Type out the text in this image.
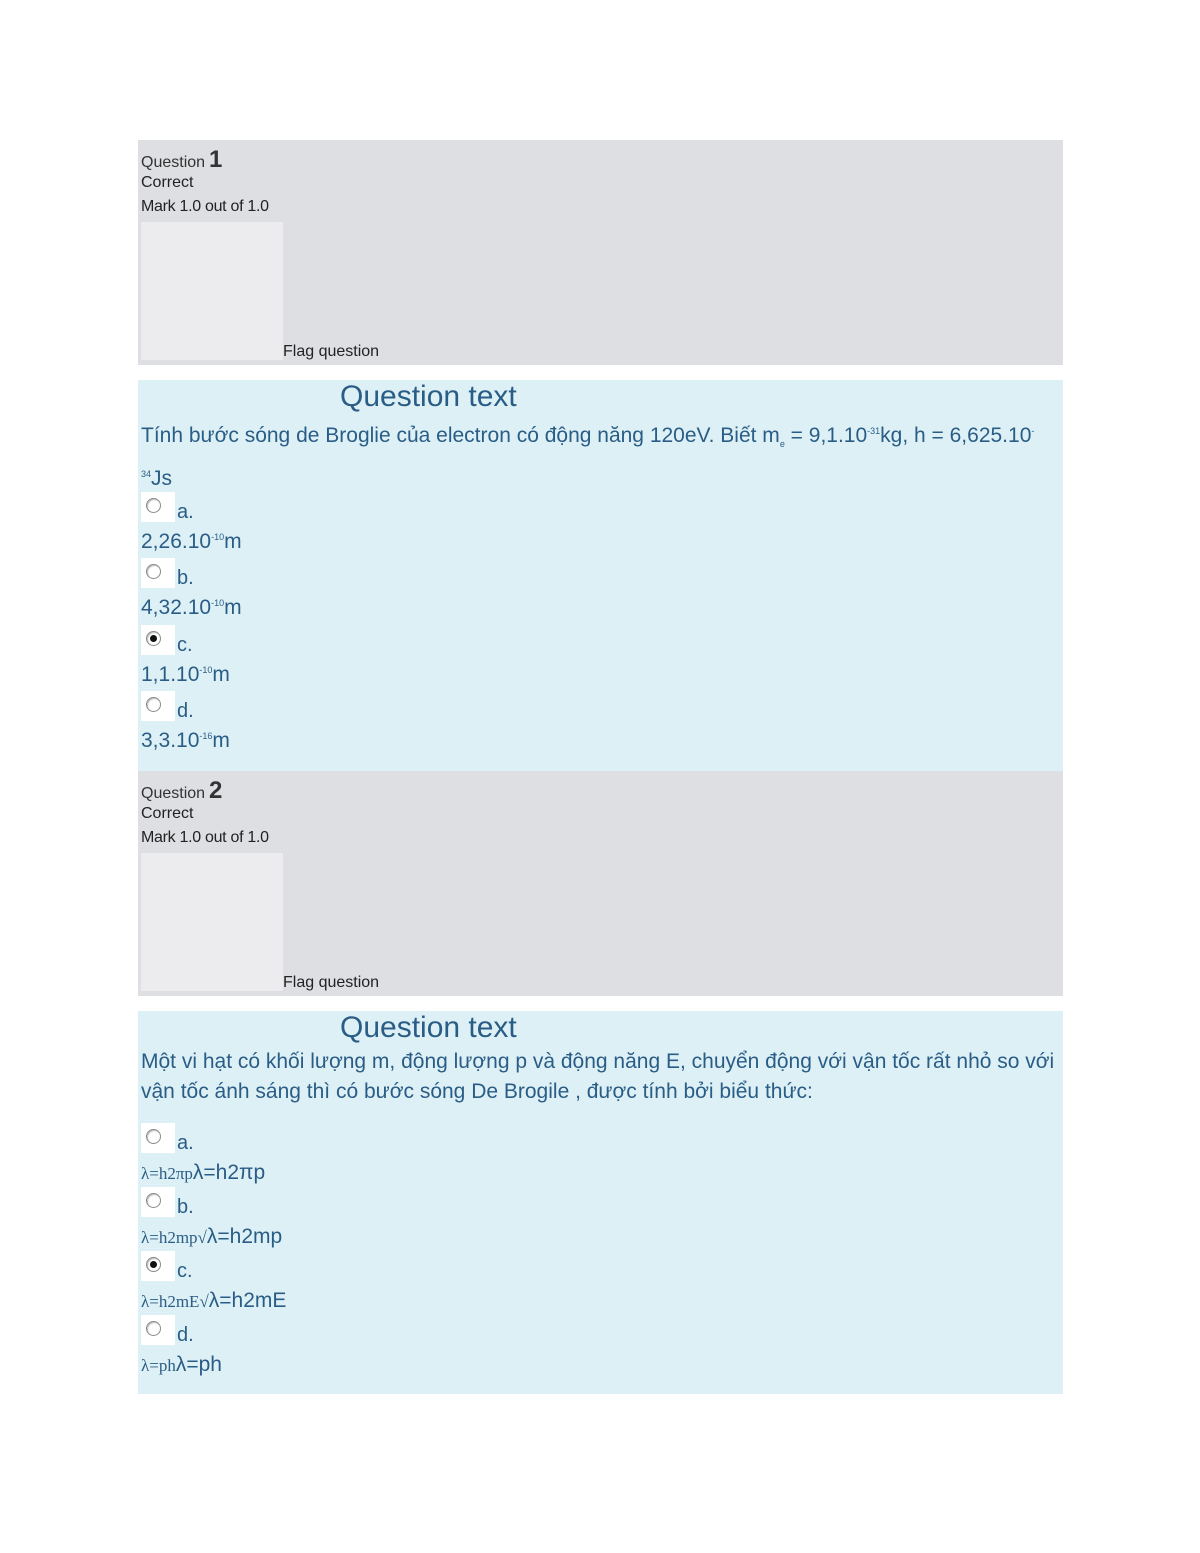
Question 1
Correct
Mark 1.0 out of 1.0
Flag question
Question text
Tính bước sóng de Broglie của electron có động năng 120eV. Biết $m_e = 9,1.10^{-31}kg$, $h = 6,625.10^{-34}Js$
a.
$2,26.10^{-10}m$
b.
$4,32.10^{-10}m$
c.
$1,1.10^{-10}m$
d.
$3,3.10^{-16}m$
Question 2
Correct
Mark 1.0 out of 1.0
Flag question
Question text
Một vi hạt có khối lượng m, động lượng p và động năng E, chuyển động với vận tốc rất nhỏ so với vận tốc ánh sáng thì có bước sóng De Brogile , được tính bởi biểu thức:
a.
λ=h2πpλ=h2πp
b.
λ=h2mp√λ=h2mp
c.
λ=h2mE√λ=h2mE
d.
λ=phλ=ph
